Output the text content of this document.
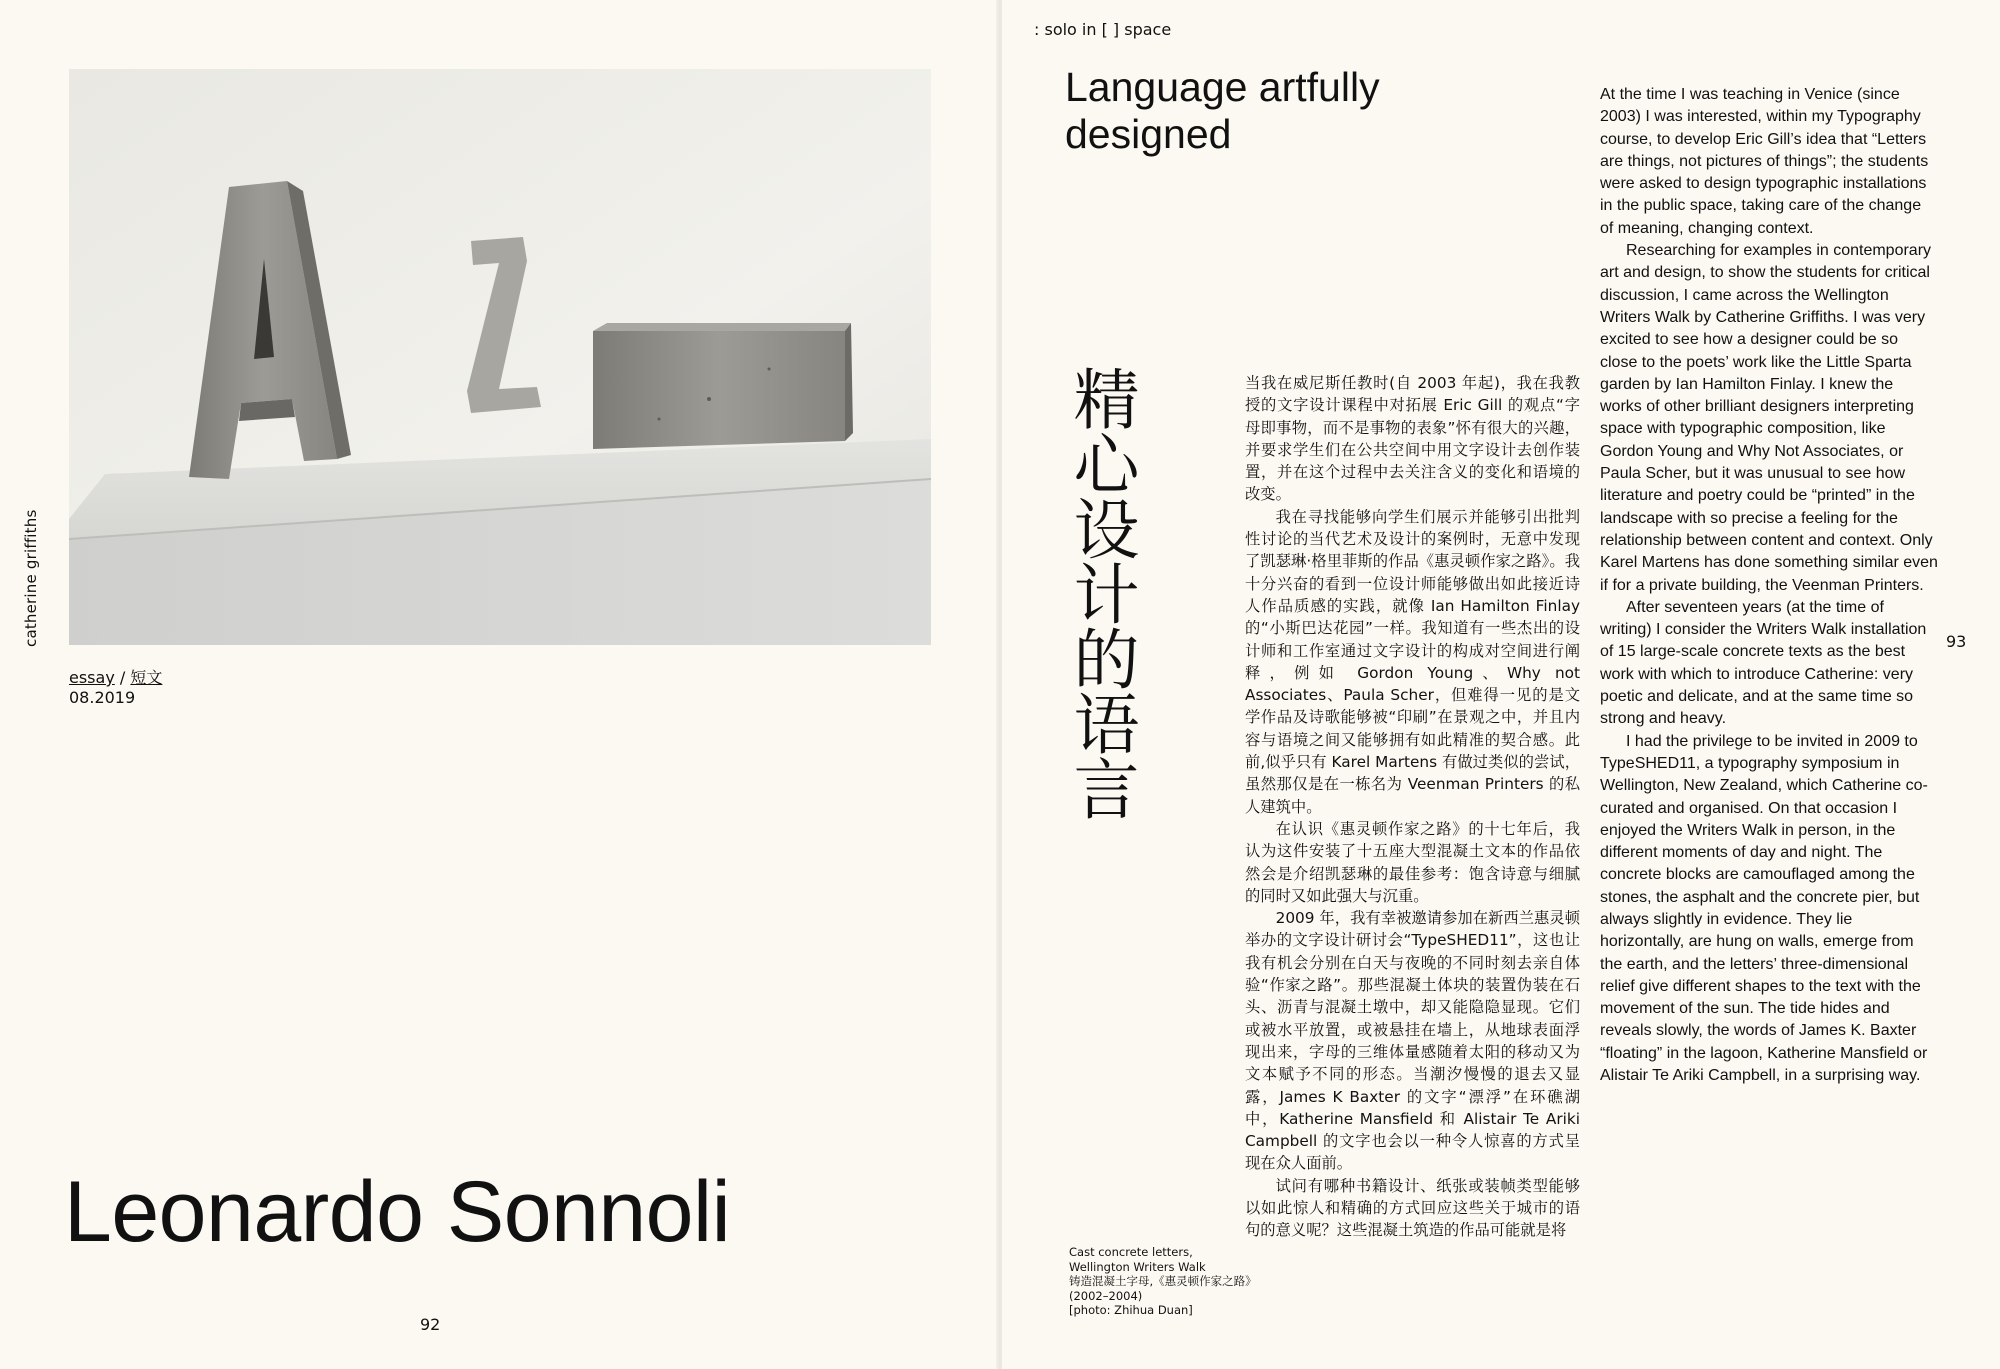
catherine griffiths
essay / 短文
08.2019
Leonardo Sonnoli
92
: solo in [ ] space
Language artfully designed
精心设计的语言	当我在威尼斯任教时(自 2003 年起)，我在我教授的文字设计课程中对拓展 Eric Gill 的观点“字母即事物，而不是事物的表象”怀有很大的兴趣，并要求学生们在公共空间中用文字设计去创作装置，并在这个过程中去关注含义的变化和语境的改变。

我在寻找能够向学生们展示并能够引出批判性讨论的当代艺术及设计的案例时，无意中发现了凯瑟琳·格里菲斯的作品《惠灵顿作家之路》。我十分兴奋的看到一位设计师能够做出如此接近诗人作品质感的实践，就像 Ian Hamilton Finlay 的“小斯巴达花园”一样。我知道有一些杰出的设计师和工作室通过文字设计的构成对空间进行阐释，例如 Gordon Young、Why not Associates、Paula Scher，但难得一见的是文学作品及诗歌能够被“印刷”在景观之中，并且内容与语境之间又能够拥有如此精准的契合感。此前,似乎只有 Karel Martens 有做过类似的尝试，虽然那仅是在一栋名为 Veenman Printers 的私人建筑中。

在认识《惠灵顿作家之路》的十七年后，我认为这件安装了十五座大型混凝土文本的作品依然会是介绍凯瑟琳的最佳参考：饱含诗意与细腻的同时又如此强大与沉重。

2009 年，我有幸被邀请参加在新西兰惠灵顿举办的文字设计研讨会“TypeSHED11”，这也让我有机会分别在白天与夜晚的不同时刻去亲自体验“作家之路”。那些混凝土体块的装置伪装在石头、沥青与混凝土墩中，却又能隐隐显现。它们或被水平放置，或被悬挂在墙上，从地球表面浮现出来，字母的三维体量感随着太阳的移动又为文本赋予不同的形态。当潮汐慢慢的退去又显露，James K Baxter 的文字“漂浮”在环礁湖中，Katherine Mansfield 和 Alistair Te Ariki Campbell 的文字也会以一种令人惊喜的方式呈现在众人面前。

试问有哪种书籍设计、纸张或装帧类型能够以如此惊人和精确的方式回应这些关于城市的语句的意义呢？这些混凝土筑造的作品可能就是将

At the time I was teaching in Venice (since 2003) I was interested, within my Typography course, to develop Eric Gill’s idea that “Letters are things, not pictures of things”; the students were asked to design typographic installations in the public space, taking care of the change of meaning, changing context.

Researching for examples in contemporary art and design, to show the students for critical discussion, I came across the Wellington Writers Walk by Catherine Griffiths. I was very excited to see how a designer could be so close to the poets’ work like the Little Sparta garden by Ian Hamilton Finlay. I knew the works of other brilliant designers interpreting space with typographic composition, like Gordon Young and Why Not Associates, or Paula Scher, but it was unusual to see how literature and poetry could be “printed” in the landscape with so precise a feeling for the relationship between content and context. Only Karel Martens has done something similar even if for a private building, the Veenman Printers.

After seventeen years (at the time of writing) I consider the Writers Walk installation of 15 large-scale concrete texts as the best work with which to introduce Catherine: very poetic and delicate, and at the same time so strong and heavy.

I had the privilege to be invited in 2009 to TypeSHED11, a typography symposium in Wellington, New Zealand, which Catherine co-curated and organised. On that occasion I enjoyed the Writers Walk in person, in the different moments of day and night. The concrete blocks are camouflaged among the stones, the asphalt and the concrete pier, but always slightly in evidence. They lie horizontally, are hung on walls, emerge from the earth, and the letters’ three-dimensional relief give different shapes to the text with the movement of the sun. The tide hides and reveals slowly, the words of James K. Baxter “floating” in the lagoon, Katherine Mansfield or Alistair Te Ariki Campbell, in a surprising way.

Cast concrete letters,
Wellington Writers Walk
铸造混凝土字母,《惠灵顿作家之路》
(2002–2004)
[photo: Zhihua Duan]
93
